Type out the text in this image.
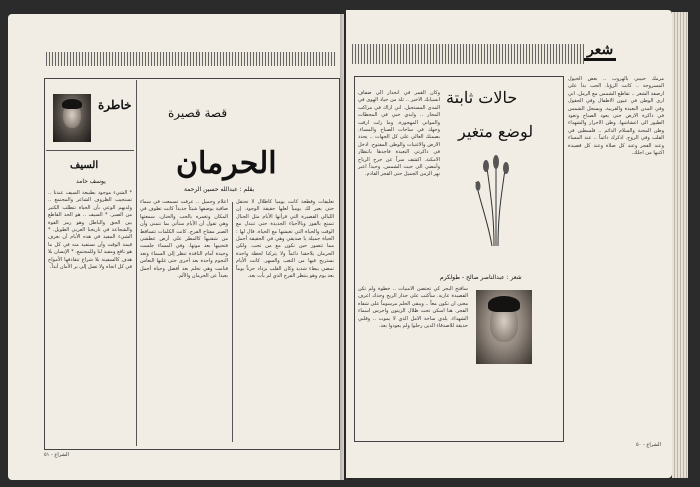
قصة قصيرة
الحرمان
بقلم : عبدالله حسين الرحمة
تعليقات وقطعة كانت يومياً كأطلال لا تحتقل حتى يعبر لك يومياً لعلها حقيقة الوجود. إن الليالي القصيرة التي قرأتها الأيام مثل الجبال تتمتع بالفوز وبالأحياء الجديدة حتى تتبدل مع الوقت والحياة التي تعيشها مع الحياة. قال لها : الحياة جميلة يا صديقي وهي في الحقيقة أجمل مما تتصور حين تكون مع من تحب. ولكن الحرمان يلاحقنا دائماً ولا يتركنا لحظة واحدة نستريح فيها من التعب والسهر. كانت الأيام تمضي ببطء شديد وكان القلب يزداد حزناً يوماً بعد يوم وهو ينتظر الفرج الذي لم يأت بعد.
اعلام وجميل .. عرفت تسمعت في سماء صافية بوصفها شيئاً جديداً كانت تطوف في المكان وتغمره بالحب والحنان. سمعتها وهي تقول أن الأيام ستأتي بما نتمنى وأن الصبر مفتاح الفرج. كانت الكلمات تتساقط من شفتيها كالمطر على أرض عطشى فتحييها بعد موتها. وفي المساء جلست وحيدة أمام النافذة تنظر إلى السماء وتعد النجوم واحدة بعد أخرى حتى غلبها النعاس فنامت وهي تحلم بغد أفضل وحياة أجمل بعيداً عن الحرمان والألم.
خاطرة
السيف
يوسف حامد
* الشيء موجود بطبيعة السيف عندنا .. تستجيب الظروف الشاعر والمجتمع .. ولديهم الوعي بأن الحياة تتطلب الكثير من الصبر. * السيف .. هو الحد القاطع بين الحق والباطل وهو رمز القوة والشجاعة في تاريخنا العربي الطويل. * الشيء المفيد في هذه الأيام أن نعرف قيمة الوقت وأن نستفيد منه في كل ما هو نافع ومفيد لنا وللمجتمع. * الإنسان بلا هدف كالسفينة بلا شراع تتقاذفها الأمواج في كل اتجاه ولا تصل إلى بر الأمان أبداً.
الشراع - ٥١
شعر
حالات ثابتة
لوضع متغير
وكان القمر في انحدار الى ضفاف انسيابك الاخير .. ثلة من جياد الهوى في المدى المستحيل. اني اراك في مراكب المحار .. وايدي حبي في المحطات والمواني المهجورة. وما زلت ارقب وجهك في ساحات الصباح والمساء. بصمتك العالي على كل الجهات .. يحدد الارض والاغنيات والوطن المفتوح. ادخل في ذاكرتي البعيدة فاجدها بانتظار الامكنة. اكشف سراً عن جرح الرياح وأمضي الى حيث الشمس. وحيداً اعبر نهر الزمن الجميل حتى الفجر القادم.
شعر : عبدالناصر صالح - طولكرم
سأفتح البحر كي تحتضن الامنيات .. خطوة ولم تكن القصيدة عارية. سأكتب على جدار الريح وحدك اعرف معنى ان نكون معاً .. ويبقى الحلم مرسوماً على شفاه الفجر. هنا اسكن تحت ظلال الزيتون واحرس اسماء الشهداء. بلدي ساحة الامل الذي لا يموت .. وقلبي حديقة للاصدقاء الذين رحلوا ولم يعودوا بعد.
مرمك حبيبي بالهروب .. بعض الخيول المسروجة .. كانت الرؤيا. الحب بدأ على ارصفة الشعر .. تقاطع الشمس مع الرمل. اني ارى الوطن في عيون الاطفال وفي الحقول وفي المدن البعيدة والقريبة. ويسجل الشمس في ذاكرة الارض حتى يعود الصباح وتعود الطيور الى اعشاشها. وطن الاحرار والشهداء وطن المحبة والسلام الدائم .. فلسطين في القلب وفي الروح. اذكرك دائماً .. عند المساء وعند الفجر وعند كل صلاة وعند كل قصيدة اكتبها من اجلك.
الشراع - ٥٠
